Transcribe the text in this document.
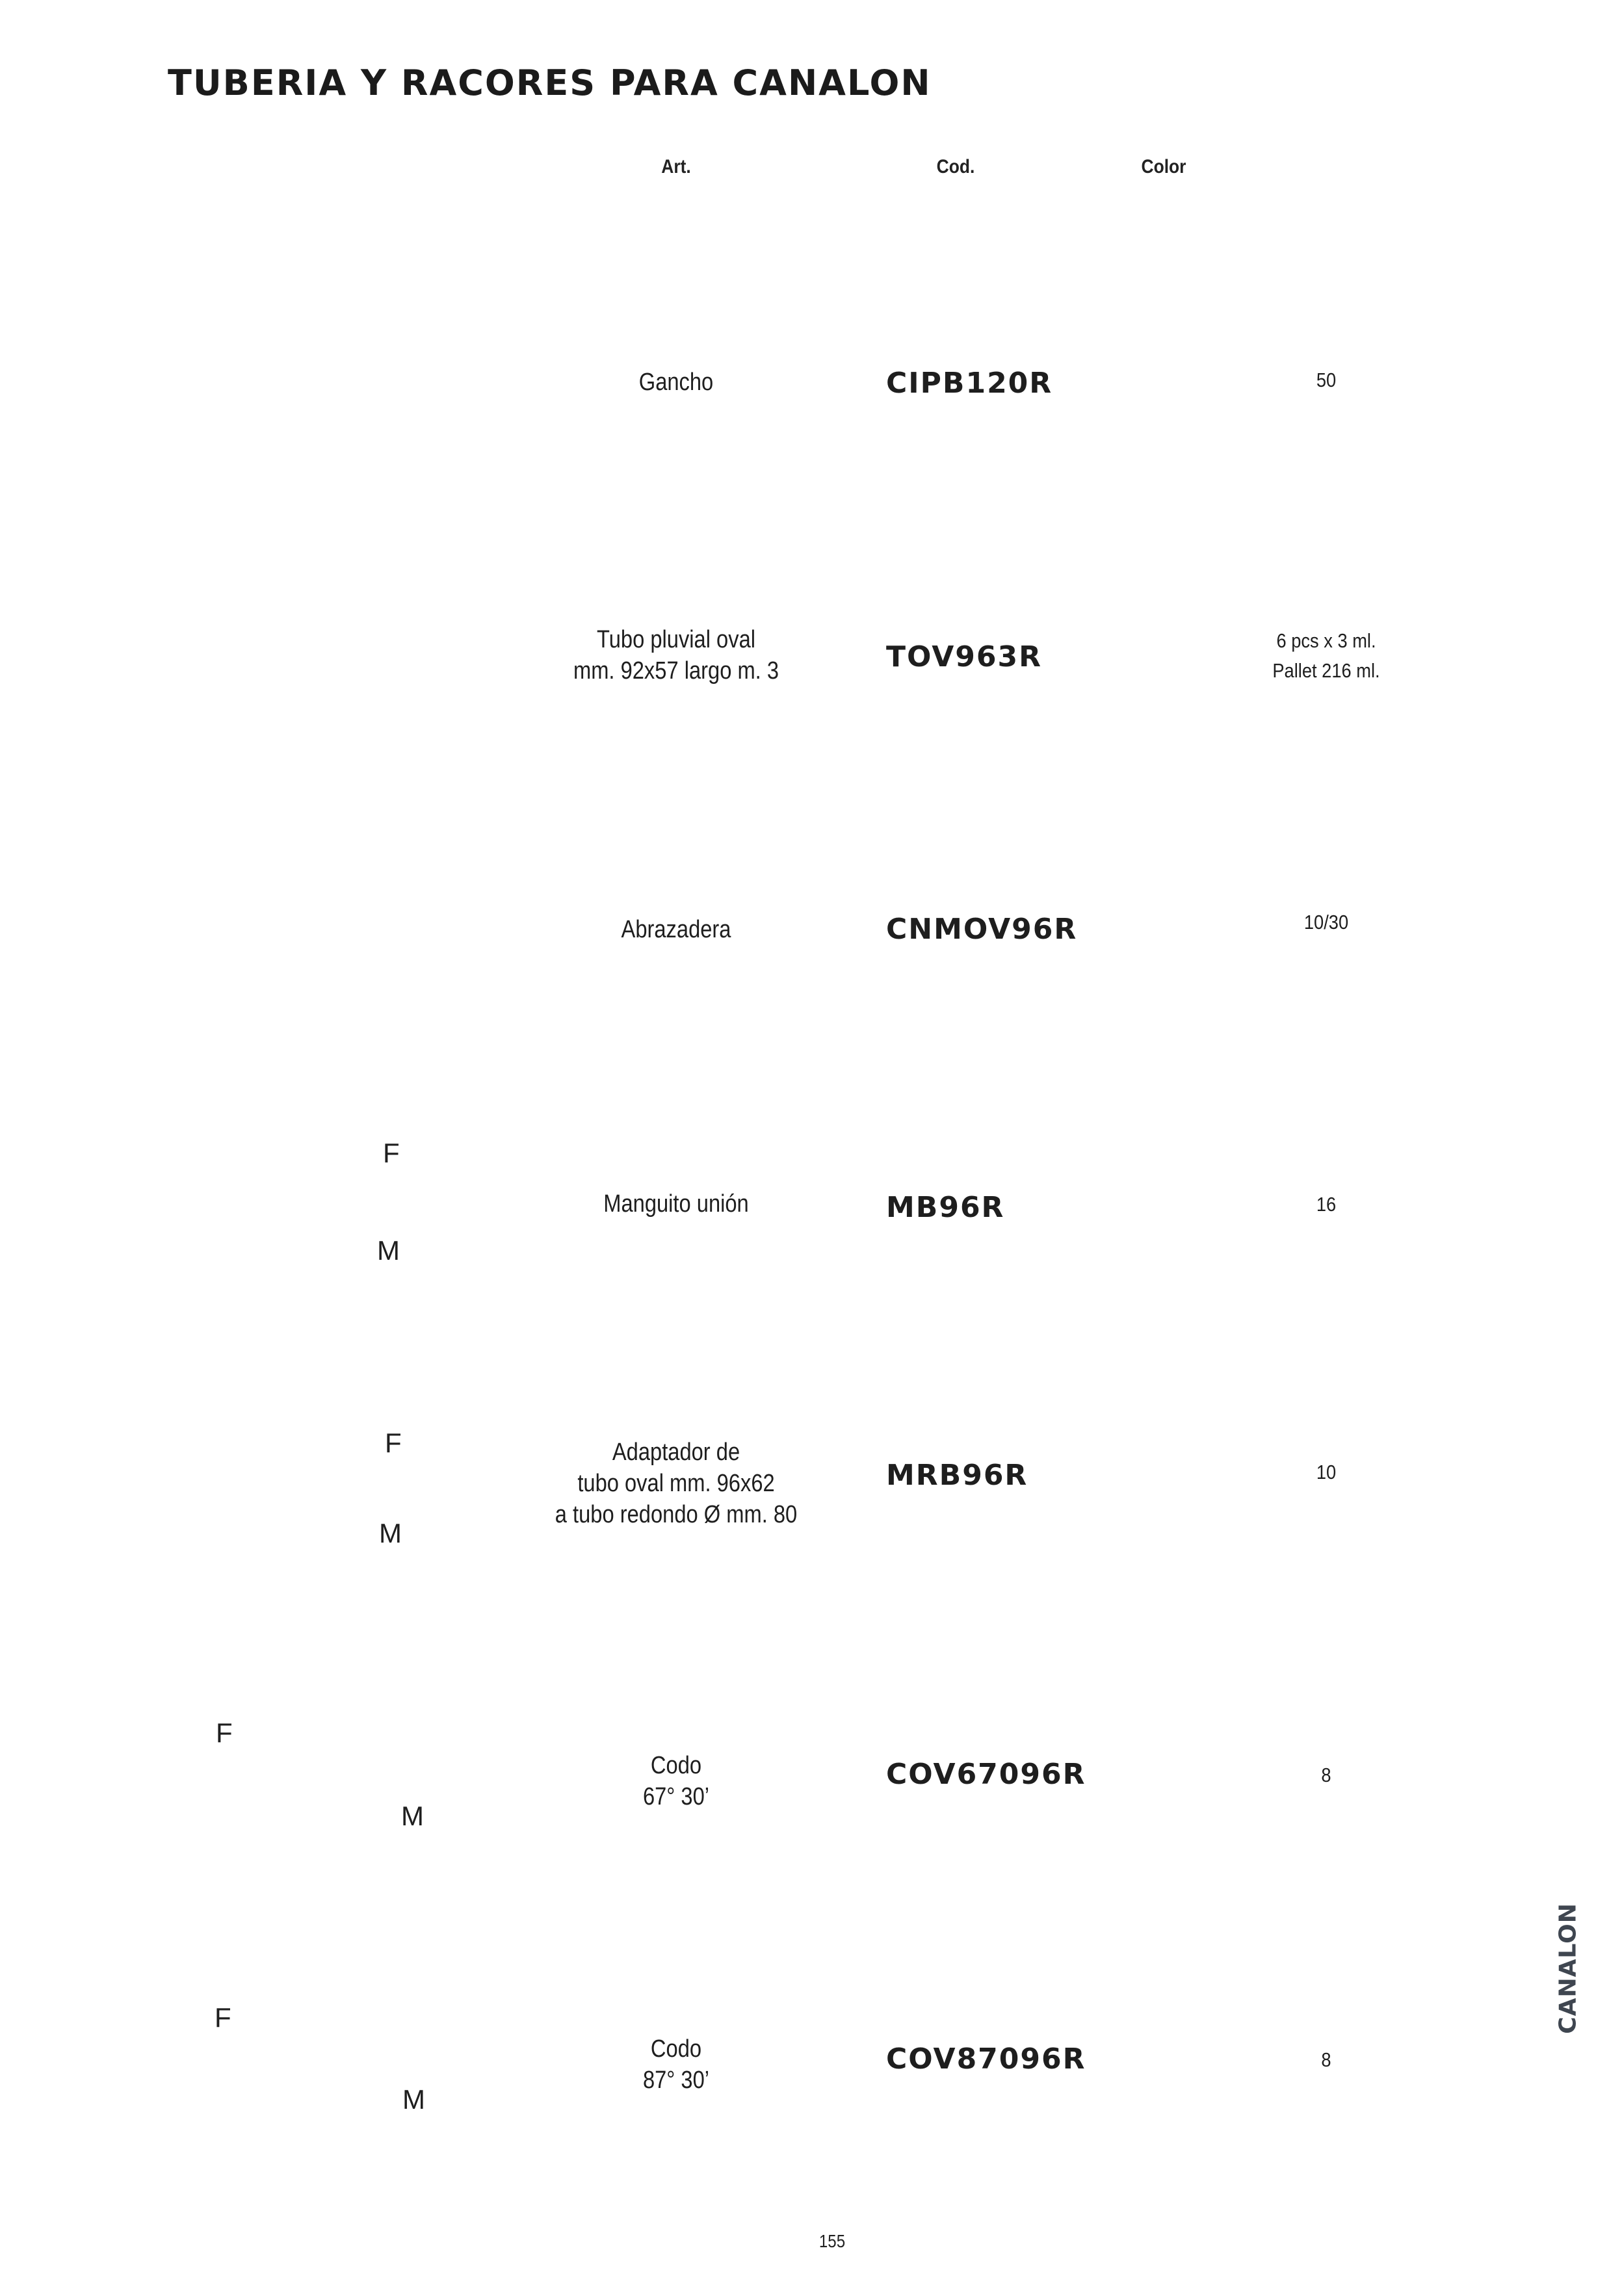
TUBERIA Y RACORES PARA CANALON
Art.	Cod.	Color
Gancho	CIPB120R	50
Tubo pluvial oval
mm. 92x57 largo m. 3	TOV963R	6 pcs x 3 ml.
Pallet 216 ml.
Abrazadera	CNMOV96R	10/30
F
M
Manguito unión	MB96R	16
F
M
Adaptador de
tubo oval mm. 96x62
a tubo redondo Ø mm. 80
MRB96R	10
F
M
Codo
67° 30’
COV67096R	8
F
M
Codo
87° 30’
COV87096R	8
CANALON
155
